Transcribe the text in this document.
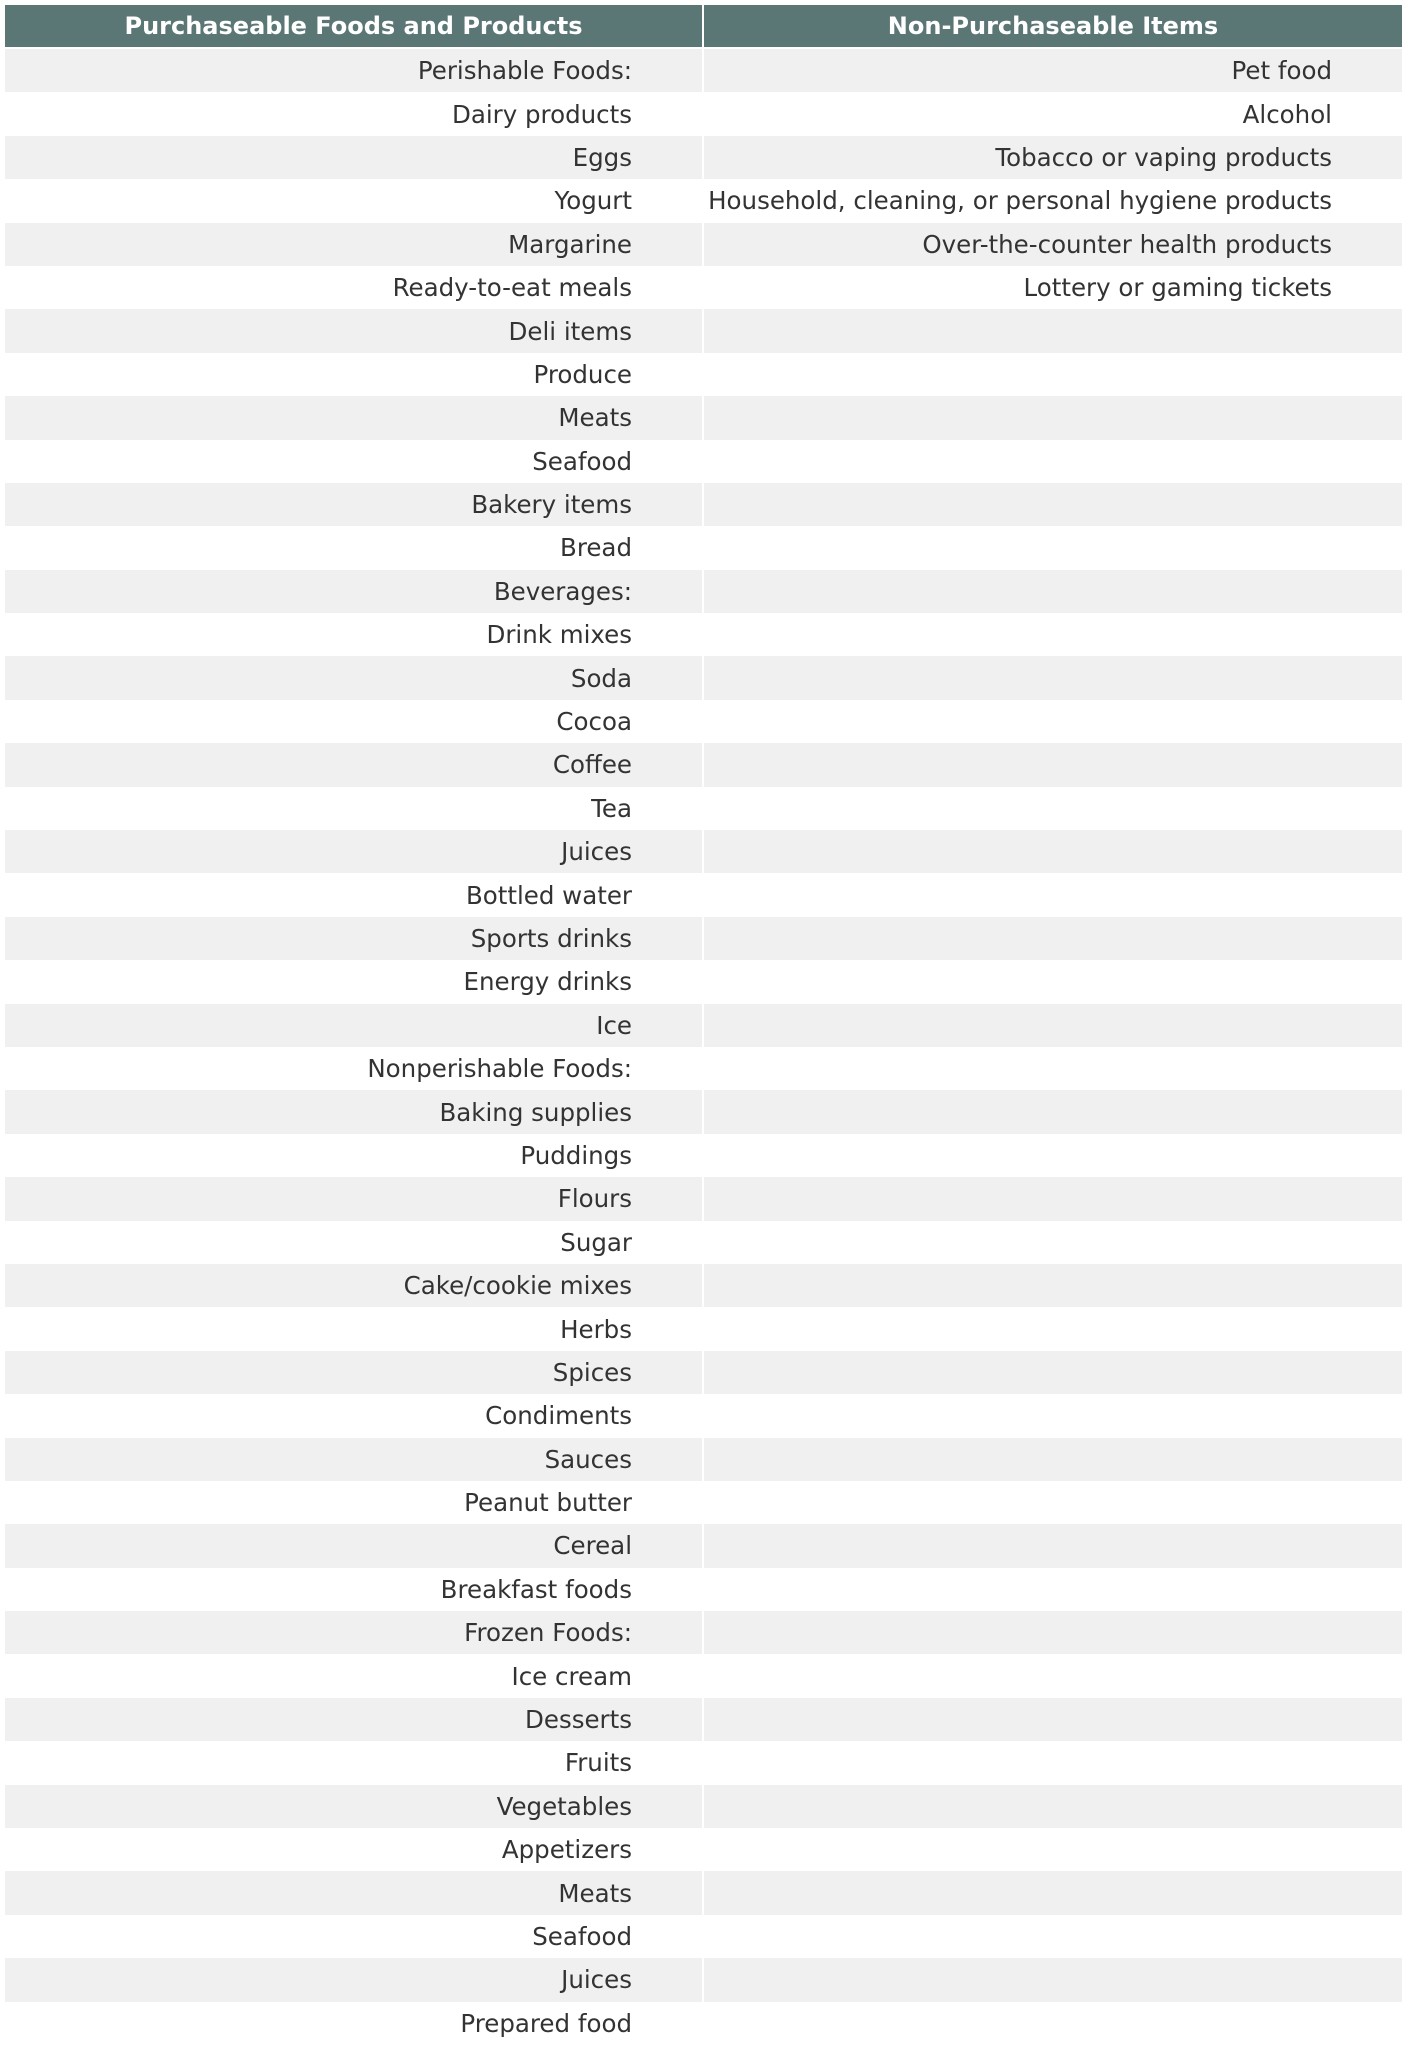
Purchaseable Foods and Products	Non-Purchaseable Items
Perishable Foods:	Pet food
Dairy products	Alcohol
Eggs	Tobacco or vaping products
Yogurt	Household, cleaning, or personal hygiene products
Margarine	Over-the-counter health products
Ready-to-eat meals	Lottery or gaming tickets
Deli items	
Produce	
Meats	
Seafood	
Bakery items	
Bread	
Beverages:	
Drink mixes	
Soda	
Cocoa	
Coffee	
Tea	
Juices	
Bottled water	
Sports drinks	
Energy drinks	
Ice	
Nonperishable Foods:	
Baking supplies	
Puddings	
Flours	
Sugar	
Cake/cookie mixes	
Herbs	
Spices	
Condiments	
Sauces	
Peanut butter	
Cereal	
Breakfast foods	
Frozen Foods:	
Ice cream	
Desserts	
Fruits	
Vegetables	
Appetizers	
Meats	
Seafood	
Juices	
Prepared food	
